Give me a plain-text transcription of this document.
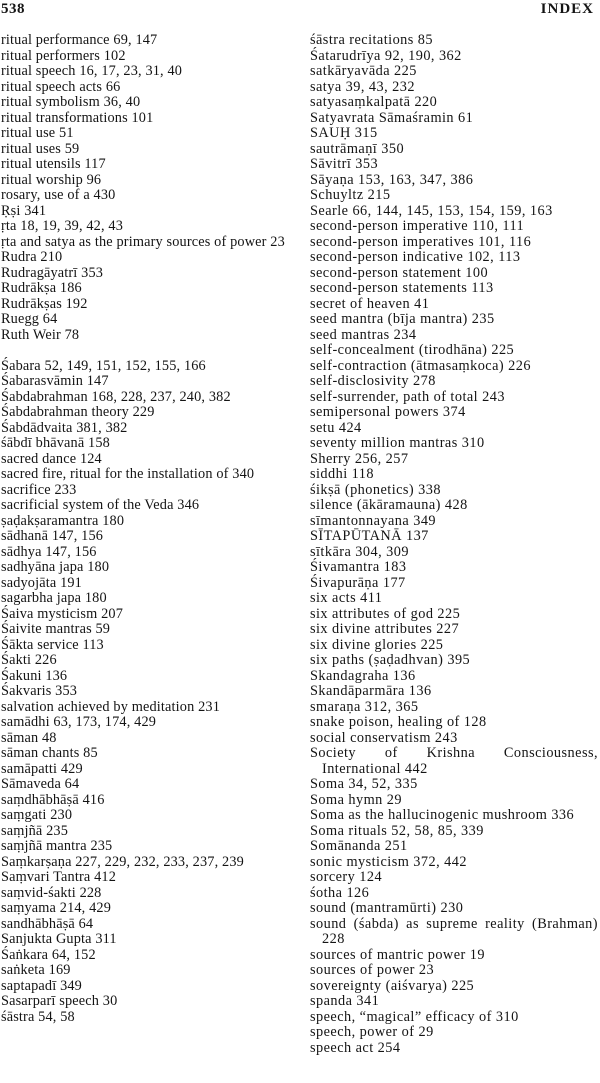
538	INDEX
ritual performance 69, 147
ritual performers 102
ritual speech 16, 17, 23, 31, 40
ritual speech acts 66
ritual symbolism 36, 40
ritual transformations 101
ritual use 51
ritual uses 59
ritual utensils 117
ritual worship 96
rosary, use of a 430
Ṛṣi 341
ṛta 18, 19, 39, 42, 43
ṛta and satya as the primary sources of power 23
Rudra 210
Rudragāyatrī 353
Rudrākṣa 186
Rudrākṣas 192
Ruegg 64
Ruth Weir 78
Śabara 52, 149, 151, 152, 155, 166
Śabarasvāmin 147
Śabdabrahman 168, 228, 237, 240, 382
Śabdabrahman theory 229
Śabdādvaita 381, 382
śābdī bhāvanā 158
sacred dance 124
sacred fire, ritual for the installation of 340
sacrifice 233
sacrificial system of the Veda 346
ṣaḍakṣaramantra 180
sādhanā 147, 156
sādhya 147, 156
sadhyāna japa 180
sadyojāta 191
sagarbha japa 180
Śaiva mysticism 207
Śaivite mantras 59
Śākta service 113
Śakti 226
Śakuni 136
Śakvaris 353
salvation achieved by meditation 231
samādhi 63, 173, 174, 429
sāman 48
sāman chants 85
samāpatti 429
Sāmaveda 64
saṃdhābhāṣā 416
saṃgati 230
saṃjñā 235
saṃjñā mantra 235
Saṃkarṣaṇa 227, 229, 232, 233, 237, 239
Saṃvari Tantra 412
saṃvid-śakti 228
saṃyama 214, 429
sandhābhāṣā 64
Sanjukta Gupta 311
Śaṅkara 64, 152
saṅketa 169
saptapadī 349
Sasarparī speech 30
śāstra 54, 58
śāstra recitations 85
Śatarudrīya 92, 190, 362
satkāryavāda 225
satya 39, 43, 232
satyasaṃkalpatā 220
Satyavrata Sāmaśramin 61
SAUḤ 315
sautrāmaṇī 350
Sāvitrī 353
Sāyaṇa 153, 163, 347, 386
Schuyltz 215
Searle 66, 144, 145, 153, 154, 159, 163
second-person imperative 110, 111
second-person imperatives 101, 116
second-person indicative 102, 113
second-person statement 100
second-person statements 113
secret of heaven 41
seed mantra (bīja mantra) 235
seed mantras 234
self-concealment (tirodhāna) 225
self-contraction (ātmasaṃkoca) 226
self-disclosivity 278
self-surrender, path of total 243
semipersonal powers 374
setu 424
seventy million mantras 310
Sherry 256, 257
siddhi 118
śikṣā (phonetics) 338
silence (ākāramauna) 428
sīmantonnayana 349
SĪTAPŪTANĀ 137
sītkāra 304, 309
Śivamantra 183
Śivapurāṇa 177
six acts 411
six attributes of god 225
six divine attributes 227
six divine glories 225
six paths (ṣaḍadhvan) 395
Skandagraha 136
Skandāparmāra 136
smaraṇa 312, 365
snake poison, healing of 128
social conservatism 243
Society of Krishna Consciousness, International 442
Soma 34, 52, 335
Soma hymn 29
Soma as the hallucinogenic mushroom 336
Soma rituals 52, 58, 85, 339
Somānanda 251
sonic mysticism 372, 442
sorcery 124
śotha 126
sound (mantramūrti) 230
sound (śabda) as supreme reality (Brahman) 228
sources of mantric power 19
sources of power 23
sovereignty (aiśvarya) 225
spanda 341
speech, “magical” efficacy of 310
speech, power of 29
speech act 254
